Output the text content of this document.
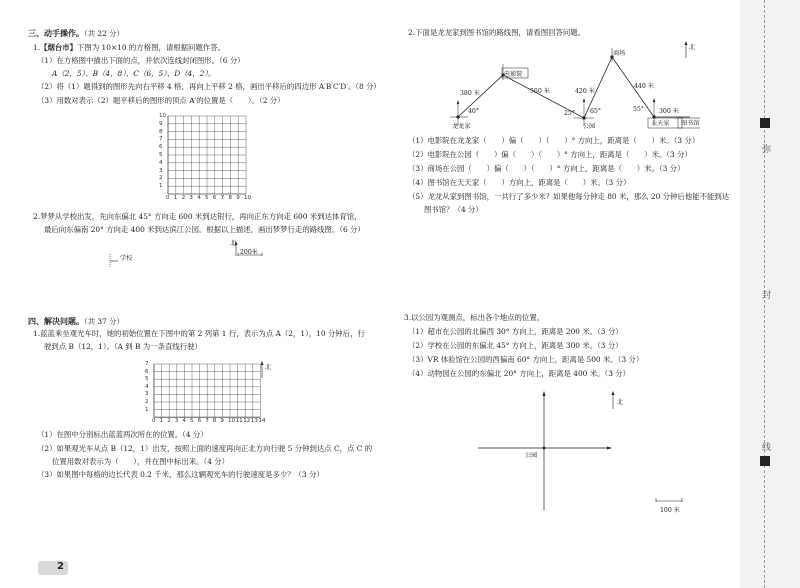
三、动手操作。（共 22 分）
1.【烟台市】下图为 10×10 的方格图，请根据问题作答。
（1）在方格图中描出下面的点，并依次连线封闭图形。（6 分）
A（2，5）、B（4，8）、C（6，5）、D（4，2）。
（2）将（1）题得到的图形先向右平移 4 格，再向上平移 2 格，画出平移后的四边形 A′B′C′D′。（8 分）
（3）用数对表示（2）题平移后的图形的顶点 A′的位置是（　　）。（2 分）
10
9
8
7
6
5
4
3
2
1
0 1 2 3 4 5 6 7 8 9 10
2.梦梦从学校出发，先向东偏北 45° 方向走 600 米到达银行，再向正东方向走 600 米到达体育馆，
最后向东偏南 20° 方向走 400 米到达滨江公园。根据以上描述，画出梦梦行走的路线图。（6 分）
学校
北
200米
四、解决问题。（共 37 分）
1.蓝蓝乘坐观光车时，她的初始位置在下图中的第 2 列第 1 行，表示为点 A（2，1），10 分钟后，行
驶到点 B（12，1）。（A 到 B 为一条直线行驶）
7
6
5
4
3
2
1
0 1 2 3 4 5 6 7 8 9 10 11 12 13 14
北
（1）在图中分别标出蓝蓝两次所在的位置。（4 分）
（2）如果观光车从点 B（12，1）出发，按照上面的速度再向正北方向行驶 5 分钟到达点 C，点 C 的
位置用数对表示为（　　），并在图中标出来。（4 分）
（3）如果图中每格的边长代表 0.2 千米，那么这辆观光车的行驶速度是多少？（3 分）
2.下面是龙龙家到图书馆的路线图，请看图回答问题。
龙龙家
电影院
公园
商场
天天家 图书馆
北
380 米	560 米	420 米
440 米
300 米
40°	25° 65°	55°
（1）电影院在龙龙家（　　）偏（　　）（　　）° 方向上，距离是（　　）米。（3 分）
（2）电影院在公园（　　）偏（　　）（　　）° 方向上，距离是（　　）米。（3 分）
（3）商场在公园（　　）偏（　　）（　　）° 方向上，距离是（　　）米。（3 分）
（4）图书馆在天天家（　　）方向上，距离是（　　）米。（3 分）
（5）龙龙从家到图书馆，一共行了多少米？如果他每分钟走 80 米，那么 20 分钟后他能不能到达
图书馆？（4 分）
3.以公园为观测点，标出各个地点的位置。
（1）超市在公园的北偏西 30° 方向上，距离是 200 米。（3 分）
（2）学校在公园的东偏北 45° 方向上，距离是 300 米。（3 分）
（3）VR 体验馆在公园的西偏南 60° 方向上，距离是 500 米。（3 分）
（4）动物园在公园的东偏北 20° 方向上，距离是 400 米。（3 分）
公园
北
100 米
弥
封
线
2
